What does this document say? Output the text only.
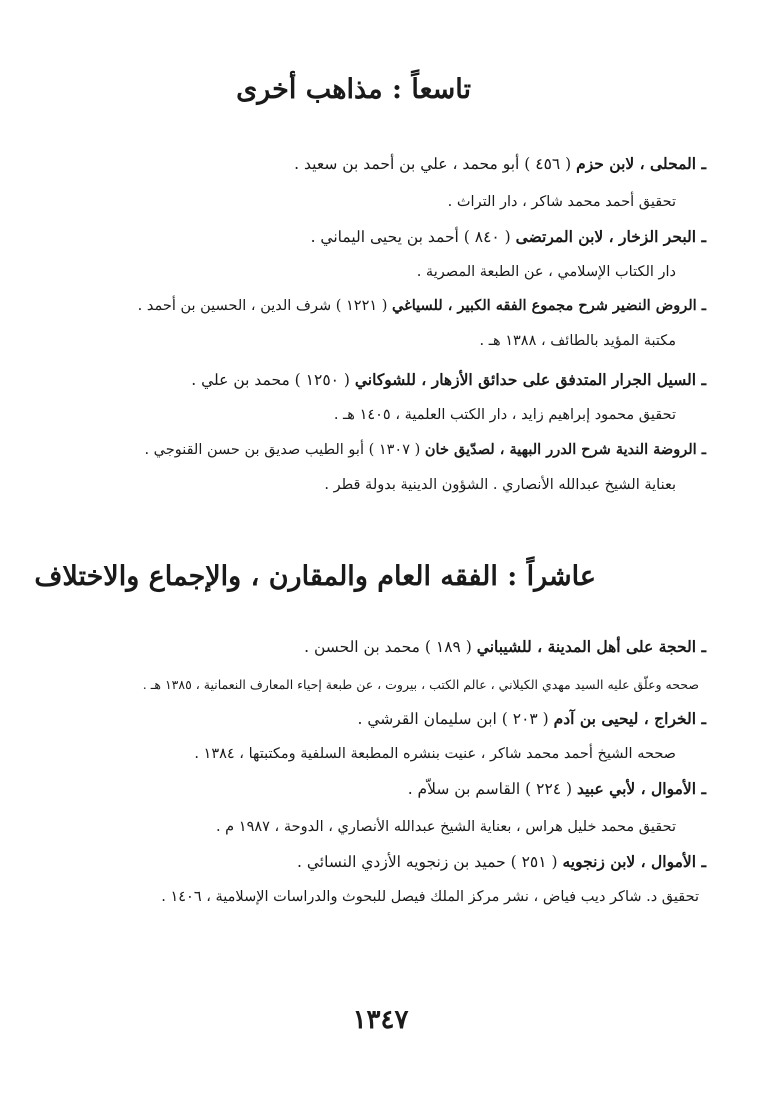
تاسعاً : مذاهب أخرى
ـ المحلى ، لابن حزم ( ٤٥٦ ) أبو محمد ، علي بن أحمد بن سعيد .
تحقيق أحمد محمد شاكر ، دار التراث .
ـ البحر الزخار ، لابن المرتضى ( ٨٤٠ ) أحمد بن يحيى اليماني .
دار الكتاب الإسلامي ، عن الطبعة المصرية .
ـ الروض النضير شرح مجموع الفقه الكبير ، للسياغي ( ١٢٢١ ) شرف الدين ، الحسين بن أحمد .
مكتبة المؤيد بالطائف ، ١٣٨٨ هـ .
ـ السيل الجرار المتدفق على حدائق الأزهار ، للشوكاني ( ١٢٥٠ ) محمد بن علي .
تحقيق محمود إبراهيم زايد ، دار الكتب العلمية ، ١٤٠٥ هـ .
ـ الروضة الندية شرح الدرر البهية ، لصدّيق خان ( ١٣٠٧ ) أبو الطيب صديق بن حسن القنوجي .
بعناية الشيخ عبدالله الأنصاري . الشؤون الدينية بدولة قطر .
عاشراً : الفقه العام والمقارن ، والإجماع والاختلاف
ـ الحجة على أهل المدينة ، للشيباني ( ١٨٩ ) محمد بن الحسن .
صححه وعلّق عليه السيد مهدي الكيلاني ، عالم الكتب ، بيروت ، عن طبعة إحياء المعارف النعمانية ، ١٣٨٥ هـ .
ـ الخراج ، ليحيى بن آدم ( ٢٠٣ ) ابن سليمان القرشي .
صححه الشيخ أحمد محمد شاكر ، عنيت بنشره المطبعة السلفية ومكتبتها ، ١٣٨٤ .
ـ الأموال ، لأبي عبيد ( ٢٢٤ ) القاسم بن سلاّم .
تحقيق محمد خليل هراس ، بعناية الشيخ عبدالله الأنصاري ، الدوحة ، ١٩٨٧ م .
ـ الأموال ، لابن زنجويه ( ٢٥١ ) حميد بن زنجويه الأزدي النسائي .
تحقيق د. شاكر ديب فياض ، نشر مركز الملك فيصل للبحوث والدراسات الإسلامية ، ١٤٠٦ .
١٣٤٧
